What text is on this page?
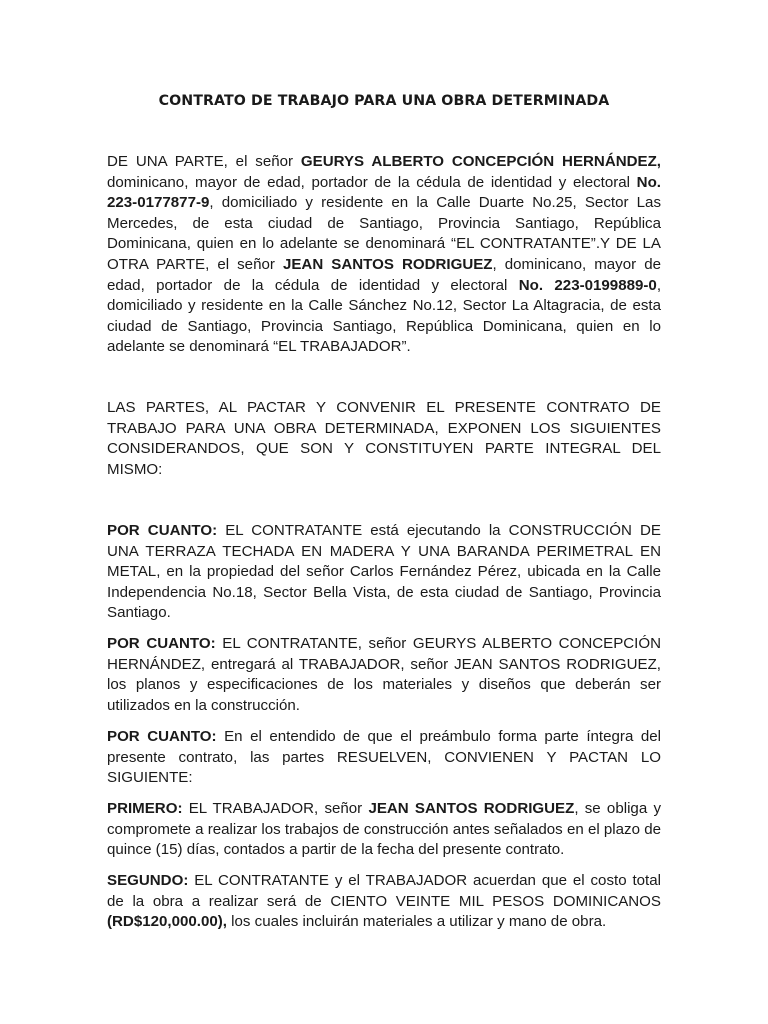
CONTRATO DE TRABAJO PARA UNA OBRA DETERMINADA

DE UNA PARTE, el señor GEURYS ALBERTO CONCEPCIÓN HERNÁNDEZ, dominicano, mayor de edad, portador de la cédula de identidad y electoral No. 223-0177877-9, domiciliado y residente en la Calle Duarte No.25, Sector Las Mercedes, de esta ciudad de Santiago, Provincia Santiago, República Dominicana, quien en lo adelante se denominará “EL CONTRATANTE”.Y DE LA OTRA PARTE, el señor JEAN SANTOS RODRIGUEZ, dominicano, mayor de edad, portador de la cédula de identidad y electoral No. 223-0199889-0, domiciliado y residente en la Calle Sánchez No.12, Sector La Altagracia, de esta ciudad de Santiago, Provincia Santiago, República Dominicana, quien en lo adelante se denominará “EL TRABAJADOR”.

LAS PARTES, AL PACTAR Y CONVENIR EL PRESENTE CONTRATO DE TRABAJO PARA UNA OBRA DETERMINADA, EXPONEN LOS SIGUIENTES CONSIDERANDOS, QUE SON Y CONSTITUYEN PARTE INTEGRAL DEL MISMO:

POR CUANTO: EL CONTRATANTE está ejecutando la CONSTRUCCIÓN DE UNA TERRAZA TECHADA EN MADERA Y UNA BARANDA PERIMETRAL EN METAL, en la propiedad del señor Carlos Fernández Pérez, ubicada en la Calle Independencia No.18, Sector Bella Vista, de esta ciudad de Santiago, Provincia Santiago.

POR CUANTO: EL CONTRATANTE, señor GEURYS ALBERTO CONCEPCIÓN HERNÁNDEZ, entregará al TRABAJADOR, señor JEAN SANTOS RODRIGUEZ, los planos y especificaciones de los materiales y diseños que deberán ser utilizados en la construcción.

POR CUANTO: En el entendido de que el preámbulo forma parte íntegra del presente contrato, las partes RESUELVEN, CONVIENEN Y PACTAN LO SIGUIENTE:

PRIMERO: EL TRABAJADOR, señor JEAN SANTOS RODRIGUEZ, se obliga y compromete a realizar los trabajos de construcción antes señalados en el plazo de quince (15) días, contados a partir de la fecha del presente contrato.

SEGUNDO: EL CONTRATANTE y el TRABAJADOR acuerdan que el costo total de la obra a realizar será de CIENTO VEINTE MIL PESOS DOMINICANOS (RD$120,000.00), los cuales incluirán materiales a utilizar y mano de obra.
